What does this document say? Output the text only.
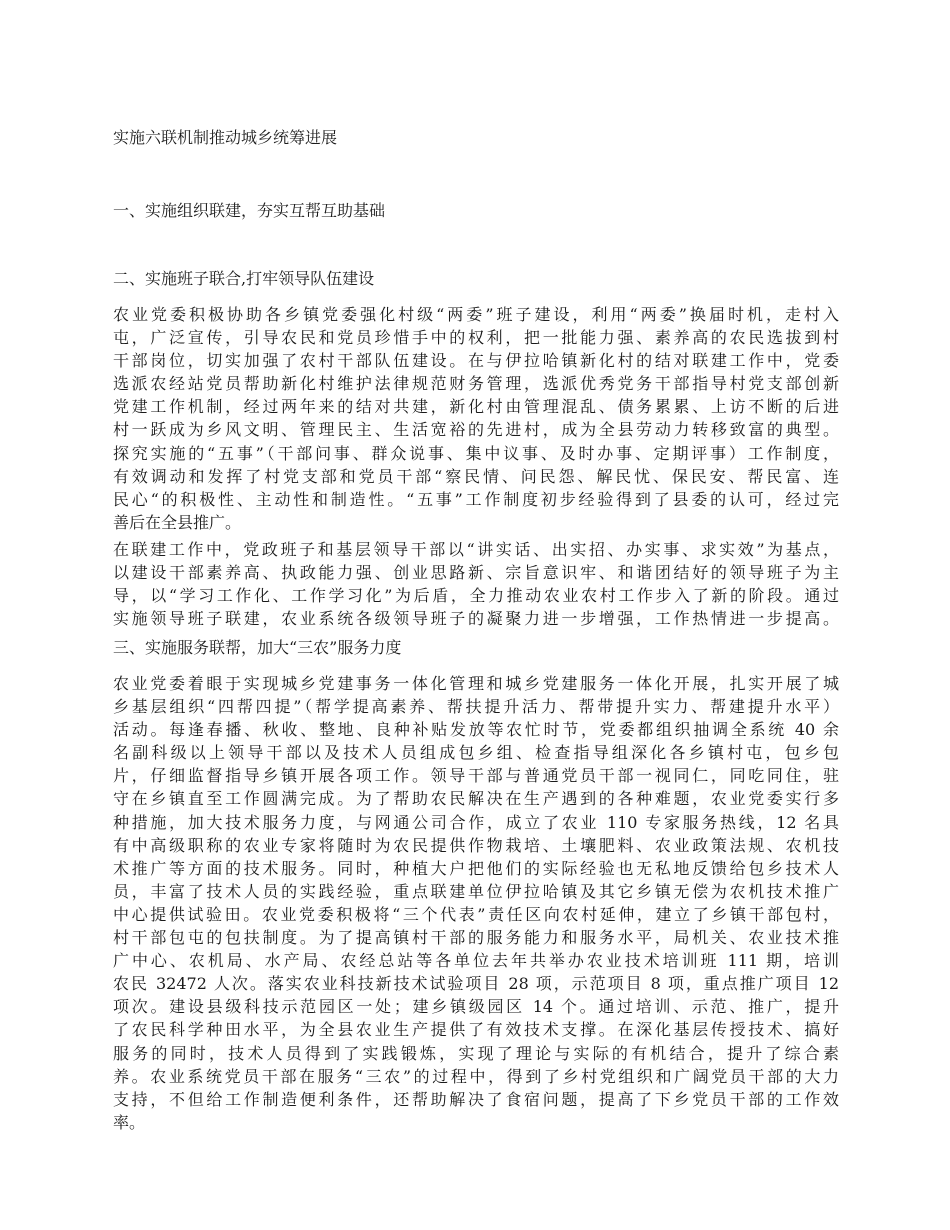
实施六联机制推动城乡统筹进展
一、实施组织联建，夯实互帮互助基础
二、实施班子联合,打牢领导队伍建设
农业党委积极协助各乡镇党委强化村级“两委”班子建设，利用“两委”换届时机，走村入
屯，广泛宣传，引导农民和党员珍惜手中的权利，把一批能力强、素养高的农民选拔到村
干部岗位，切实加强了农村干部队伍建设。在与伊拉哈镇新化村的结对联建工作中，党委
选派农经站党员帮助新化村维护法律规范财务管理，选派优秀党务干部指导村党支部创新
党建工作机制，经过两年来的结对共建，新化村由管理混乱、债务累累、上访不断的后进
村一跃成为乡风文明、管理民主、生活宽裕的先进村，成为全县劳动力转移致富的典型。
探究实施的“五事”（干部问事、群众说事、集中议事、及时办事、定期评事）工作制度，
有效调动和发挥了村党支部和党员干部“察民情、问民怨、解民忧、保民安、帮民富、连
民心“的积极性、主动性和制造性。“五事”工作制度初步经验得到了县委的认可，经过完
善后在全县推广。
在联建工作中，党政班子和基层领导干部以“讲实话、出实招、办实事、求实效”为基点，
以建设干部素养高、执政能力强、创业思路新、宗旨意识牢、和谐团结好的领导班子为主
导，以“学习工作化、工作学习化”为后盾，全力推动农业农村工作步入了新的阶段。通过
实施领导班子联建，农业系统各级领导班子的凝聚力进一步增强，工作热情进一步提高。
三、实施服务联帮，加大“三农”服务力度
农业党委着眼于实现城乡党建事务一体化管理和城乡党建服务一体化开展，扎实开展了城
乡基层组织“四帮四提”（帮学提高素养、帮扶提升活力、帮带提升实力、帮建提升水平）
活动。每逢春播、秋收、整地、良种补贴发放等农忙时节，党委都组织抽调全系统 40 余
名副科级以上领导干部以及技术人员组成包乡组、检查指导组深化各乡镇村屯，包乡包
片，仔细监督指导乡镇开展各项工作。领导干部与普通党员干部一视同仁，同吃同住，驻
守在乡镇直至工作圆满完成。为了帮助农民解决在生产遇到的各种难题，农业党委实行多
种措施，加大技术服务力度，与网通公司合作，成立了农业 110 专家服务热线，12 名具
有中高级职称的农业专家将随时为农民提供作物栽培、土壤肥料、农业政策法规、农机技
术推广等方面的技术服务。同时，种植大户把他们的实际经验也无私地反馈给包乡技术人
员，丰富了技术人员的实践经验，重点联建单位伊拉哈镇及其它乡镇无偿为农机技术推广
中心提供试验田。农业党委积极将“三个代表”责任区向农村延伸，建立了乡镇干部包村，
村干部包屯的包扶制度。为了提高镇村干部的服务能力和服务水平，局机关、农业技术推
广中心、农机局、水产局、农经总站等各单位去年共举办农业技术培训班 111 期，培训
农民 32472 人次。落实农业科技新技术试验项目 28 项，示范项目 8 项，重点推广项目 12
项次。建设县级科技示范园区一处；建乡镇级园区 14 个。通过培训、示范、推广，提升
了农民科学种田水平，为全县农业生产提供了有效技术支撑。在深化基层传授技术、搞好
服务的同时，技术人员得到了实践锻炼，实现了理论与实际的有机结合，提升了综合素
养。农业系统党员干部在服务“三农”的过程中，得到了乡村党组织和广阔党员干部的大力
支持，不但给工作制造便利条件，还帮助解决了食宿问题，提高了下乡党员干部的工作效
率。
